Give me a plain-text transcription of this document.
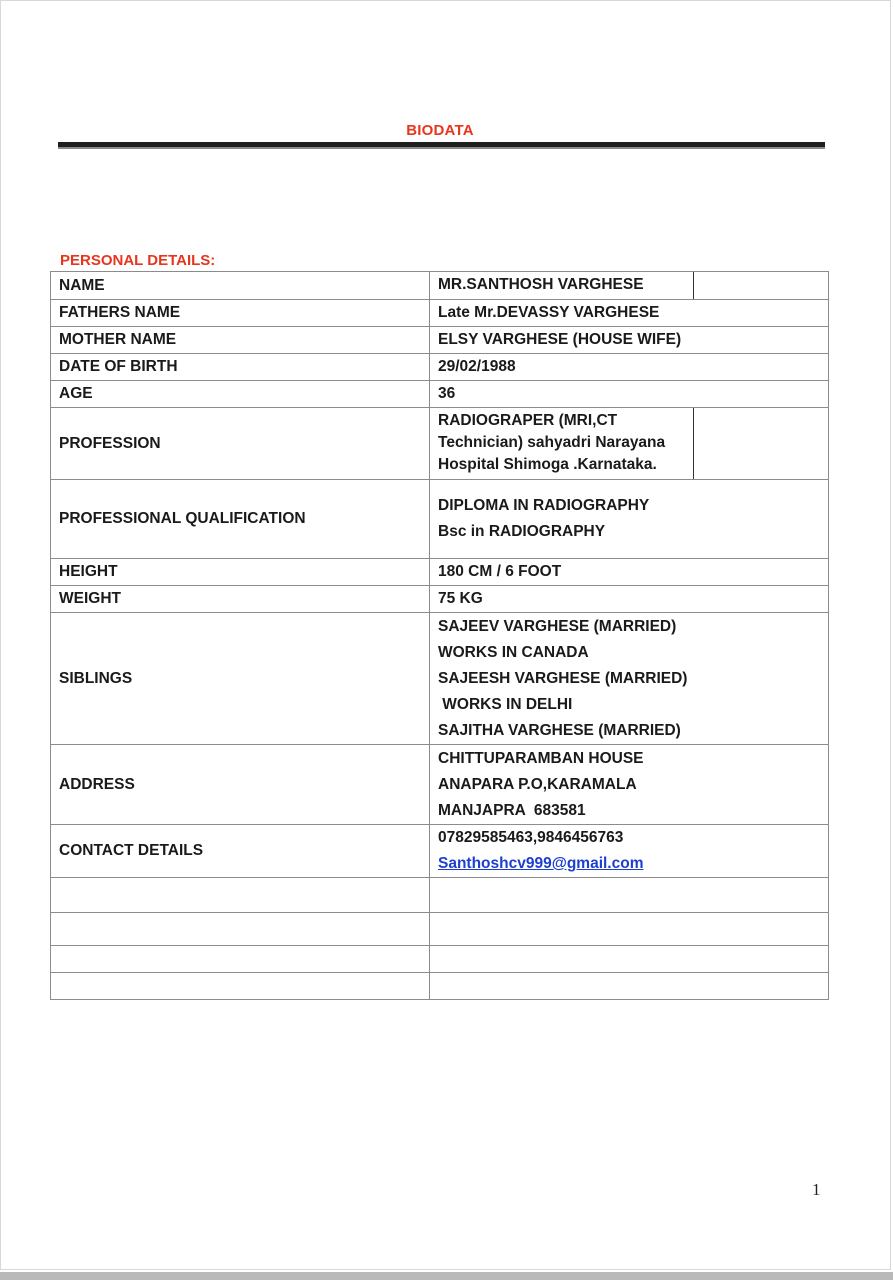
BIODATA
PERSONAL DETAILS:
NAME	MR.SANTHOSH VARGHESE

FATHERS NAME	Late Mr.DEVASSY VARGHESE
MOTHER NAME	ELSY VARGHESE (HOUSE WIFE)
DATE OF BIRTH	29/02/1988
AGE	36
PROFESSION	RADIOGRAPER (MRI,CT
Technician) sahyadri Narayana
Hospital Shimoga .Karnataka.

PROFESSIONAL QUALIFICATION	DIPLOMA IN RADIOGRAPHY
Bsc in RADIOGRAPHY

HEIGHT	180 CM / 6 FOOT
WEIGHT	75 KG
SIBLINGS	SAJEEV VARGHESE (MARRIED)
WORKS IN CANADA
SAJEESH VARGHESE (MARRIED)
WORKS IN DELHI
SAJITHA VARGHESE (MARRIED)

ADDRESS	CHITTUPARAMBAN HOUSE
ANAPARA P.O,KARAMALA
MANJAPRA  683581

CONTACT DETAILS	07829585463,9846456763
Santhoshcv999@gmail.com

1
